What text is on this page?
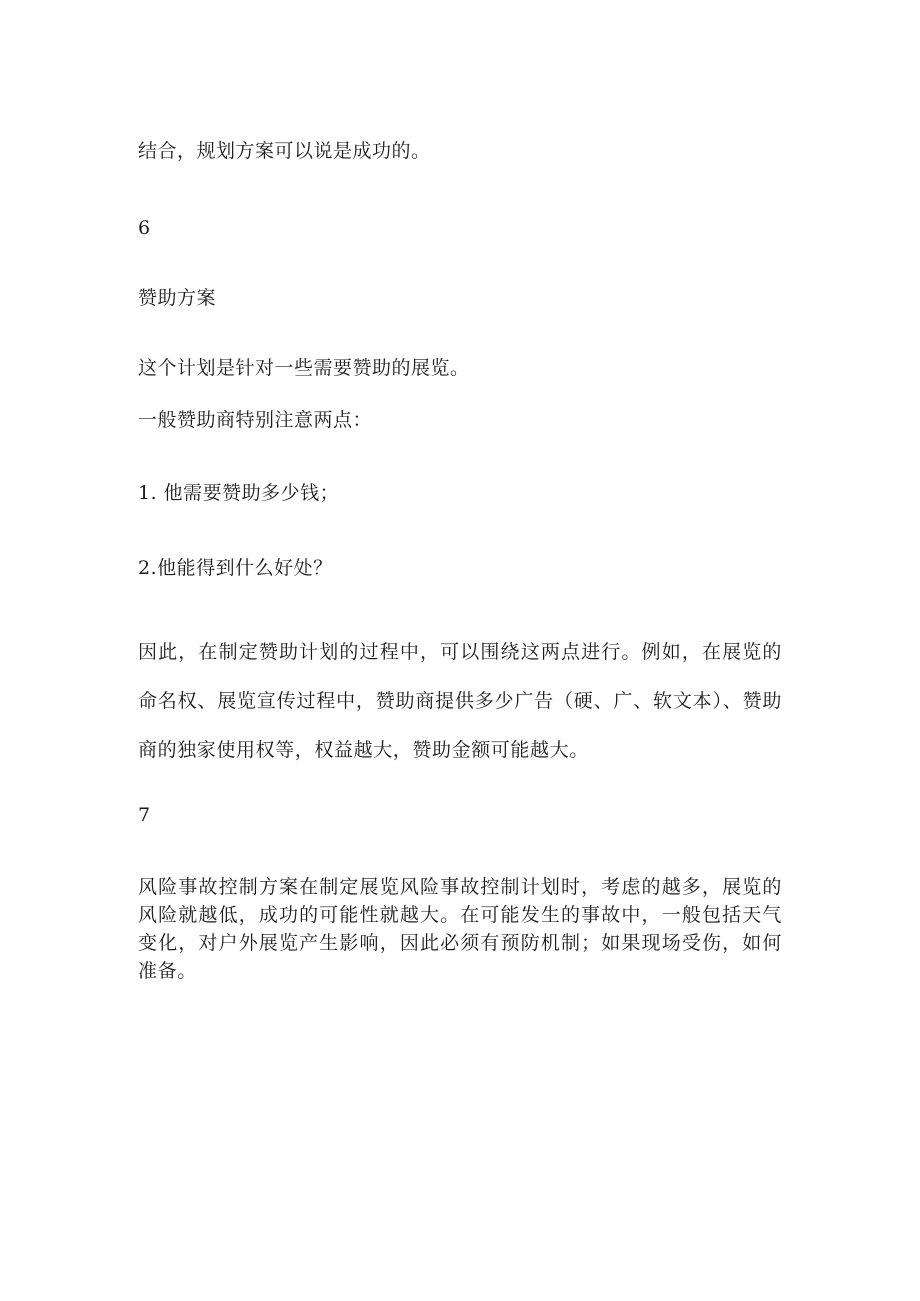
结合，规划方案可以说是成功的。

6

赞助方案

这个计划是针对一些需要赞助的展览。

一般赞助商特别注意两点：

1. 他需要赞助多少钱；

2.他能得到什么好处？

因此，在制定赞助计划的过程中，可以围绕这两点进行。例如，在展览的命名权、展览宣传过程中，赞助商提供多少广告（硬、广、软文本）、赞助商的独家使用权等，权益越大，赞助金额可能越大。

7

风险事故控制方案在制定展览风险事故控制计划时，考虑的越多，展览的风险就越低，成功的可能性就越大。在可能发生的事故中，一般包括天气变化，对户外展览产生影响，因此必须有预防机制；如果现场受伤，如何准备。
